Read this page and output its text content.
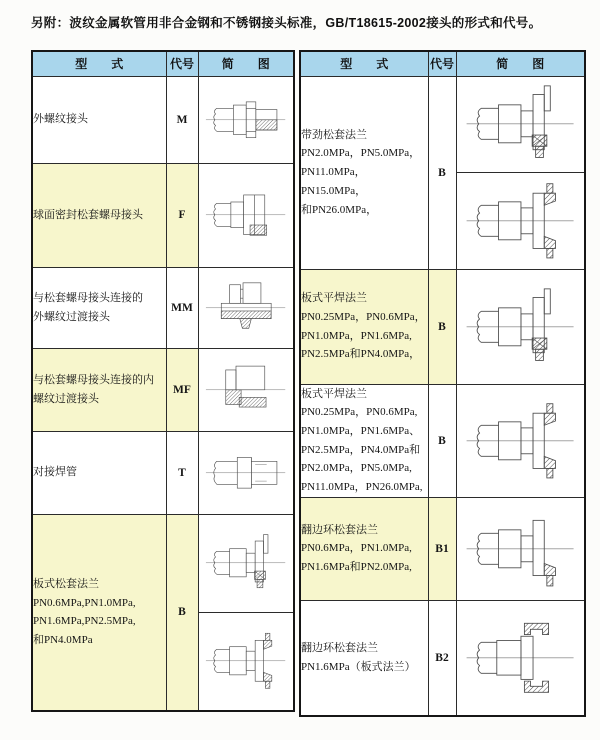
另附：波纹金属软管用非合金钢和不锈钢接头标准，GB/T18615-2002接头的形式和代号。
型　　式	代号	简　　图

外螺纹接头	M	

球面密封松套螺母接头	F	

与松套螺母接头连接的
外螺纹过渡接头	MM	

与松套螺母接头连接的内
螺纹过渡接头	MF	

对接焊管	T	

板式松套法兰
PN0.6MPa,PN1.0MPa,
PN1.6MPa,PN2.5MPa,
和PN4.0MPa	B	

型　　式	代号	简　　图

带劲松套法兰
PN2.0MPa，PN5.0MPa，
PN11.0MPa，PN15.0MPa，
和PN26.0MPa，	B	

板式平焊法兰
PN0.25MPa，PN0.6MPa，
PN1.0MPa，PN1.6MPa,
PN2.5MPa和PN4.0MPa，	B	

板式平焊法兰
PN0.25MPa，PN0.6MPa,
PN1.0MPa，PN1.6MPa、
PN2.5MPa，PN4.0MPa和
PN2.0MPa，PN5.0MPa,
PN11.0MPa，PN26.0MPa,
	B	

翻边环松套法兰
PN0.6MPa，PN1.0MPa,
PN1.6MPa和PN2.0MPa,	B1	

翻边环松套法兰
PN1.6MPa（板式法兰）	B2	
